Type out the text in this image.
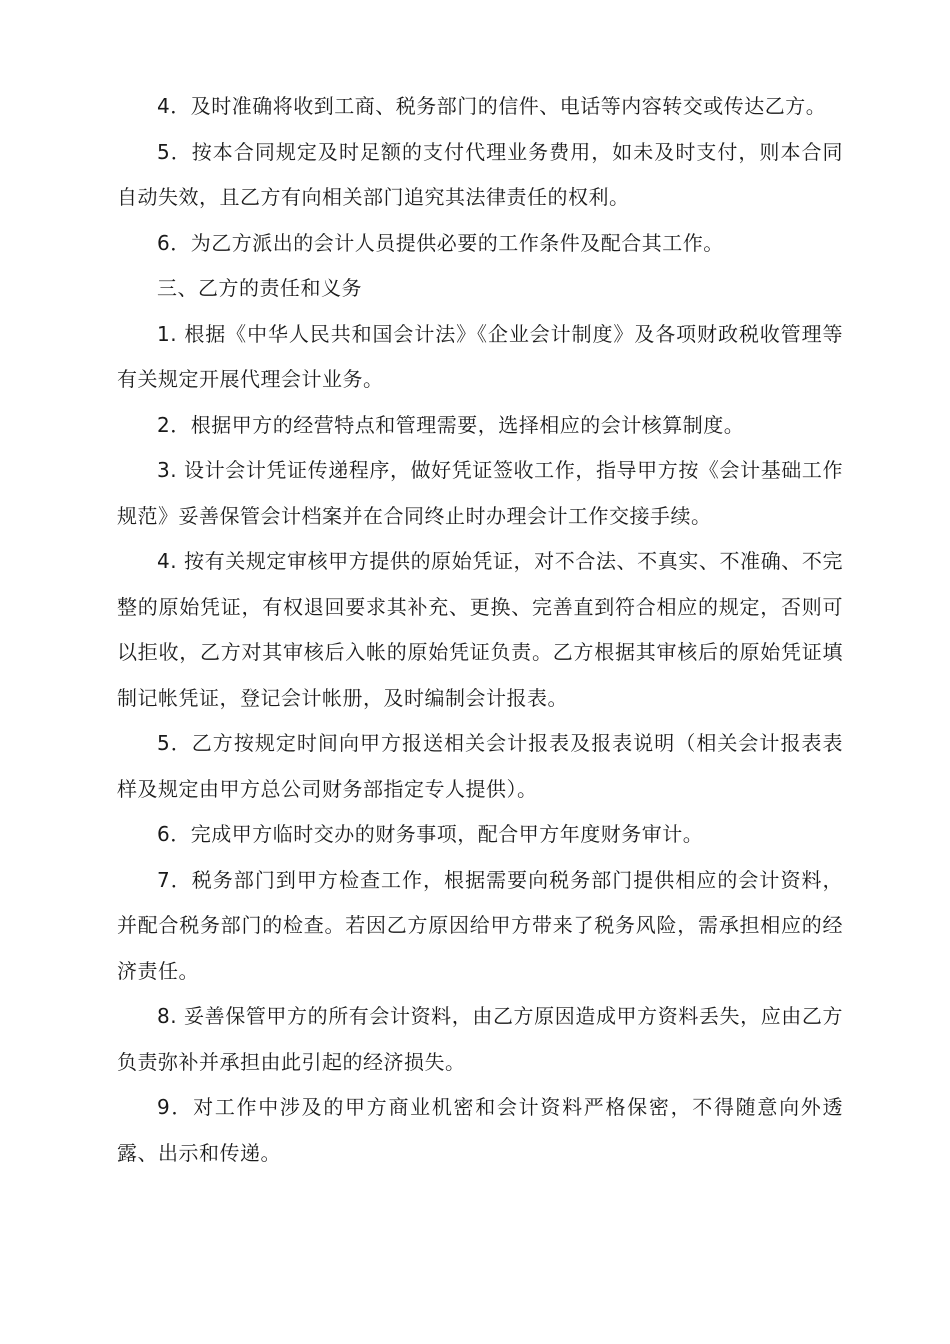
4．及时准确将收到工商、税务部门的信件、电话等内容转交或传达乙方。

5．按本合同规定及时足额的支付代理业务费用，如未及时支付，则本合同自动失效，且乙方有向相关部门追究其法律责任的权利。

6．为乙方派出的会计人员提供必要的工作条件及配合其工作。

三、乙方的责任和义务

1. 根据《中华人民共和国会计法》《企业会计制度》及各项财政税收管理等有关规定开展代理会计业务。

2．根据甲方的经营特点和管理需要，选择相应的会计核算制度。

3. 设计会计凭证传递程序，做好凭证签收工作，指导甲方按《会计基础工作规范》妥善保管会计档案并在合同终止时办理会计工作交接手续。

4. 按有关规定审核甲方提供的原始凭证，对不合法、不真实、不准确、不完整的原始凭证，有权退回要求其补充、更换、完善直到符合相应的规定，否则可以拒收，乙方对其审核后入帐的原始凭证负责。乙方根据其审核后的原始凭证填制记帐凭证，登记会计帐册，及时编制会计报表。

5．乙方按规定时间向甲方报送相关会计报表及报表说明（相关会计报表表样及规定由甲方总公司财务部指定专人提供）。

6．完成甲方临时交办的财务事项，配合甲方年度财务审计。

7．税务部门到甲方检查工作，根据需要向税务部门提供相应的会计资料，并配合税务部门的检查。若因乙方原因给甲方带来了税务风险，需承担相应的经济责任。

8. 妥善保管甲方的所有会计资料，由乙方原因造成甲方资料丢失，应由乙方负责弥补并承担由此引起的经济损失。

9．对工作中涉及的甲方商业机密和会计资料严格保密，不得随意向外透露、出示和传递。
